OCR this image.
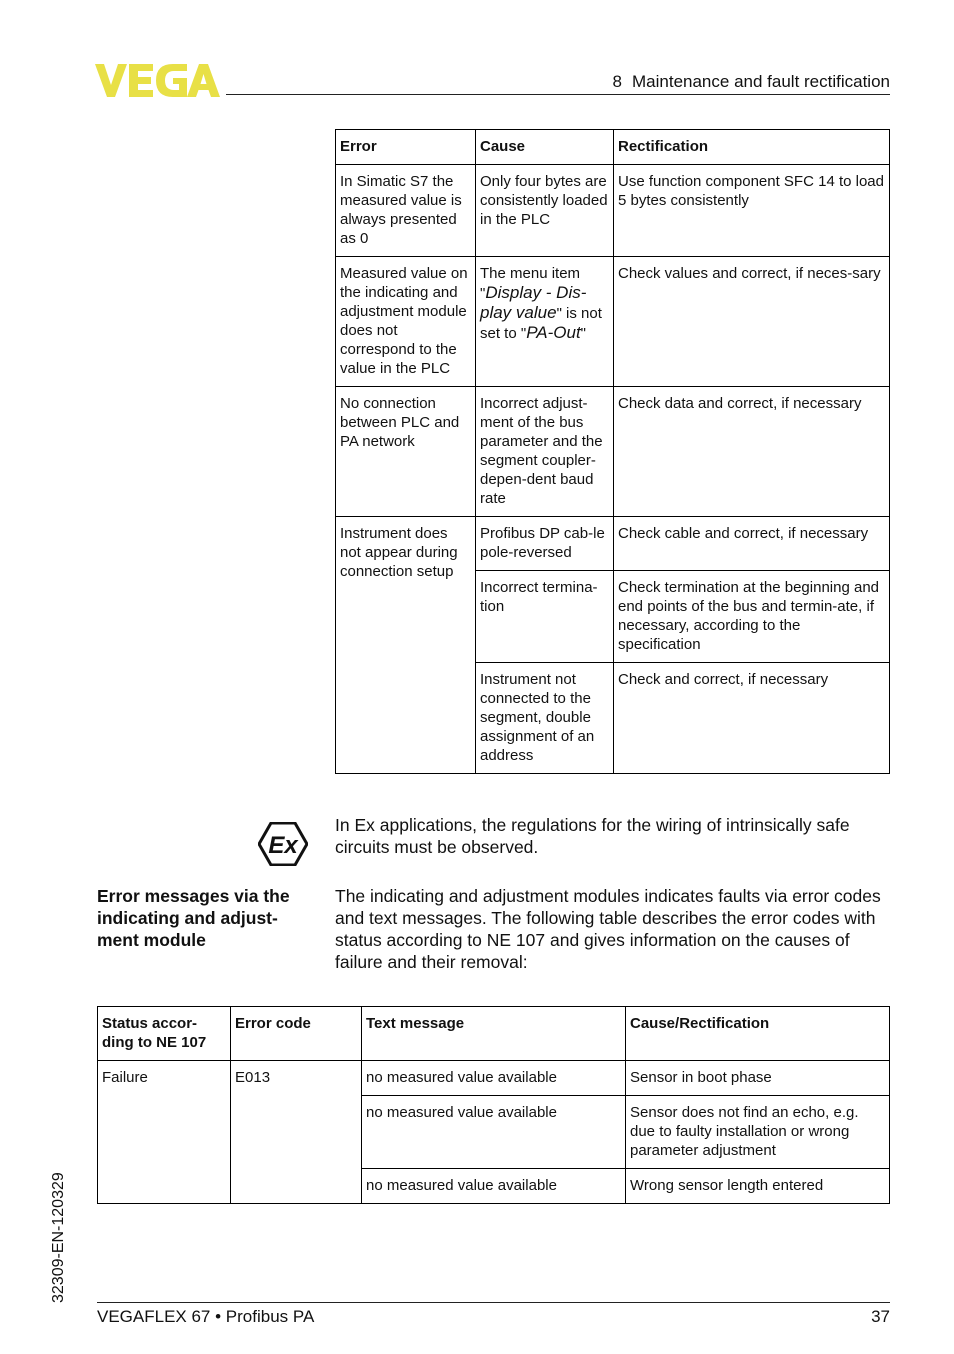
8 Maintenance and fault rectification
Error	Cause	Rectification
In Simatic S7 the measured value is always presented as 0	Only four bytes are consistently loaded in the PLC	Use function component SFC 14 to load 5 bytes consistently
Measured value on the indicating and adjustment module does not correspond to the value in the PLC	The menu item "Display - Dis-play value" is not set to "PA-Out"	Check values and correct, if neces-sary
No connection between PLC and PA network	Incorrect adjust-ment of the bus parameter and the segment coupler-depen-dent baud rate	Check data and correct, if necessary
Instrument does not appear during connection setup	Profibus DP cab-le pole-reversed	Check cable and correct, if necessary
	Incorrect termina-tion	Check termination at the beginning and end points of the bus and termin-ate, if necessary, according to the specification
	Instrument not connected to the segment, double assignment of an address	Check and correct, if necessary
Ex
In Ex applications, the regulations for the wiring of intrinsically safe circuits must be observed.
Error messages via the indicating and adjust-ment module
The indicating and adjustment modules indicates faults via error codes and text messages. The following table describes the error codes with status according to NE 107 and gives information on the causes of failure and their removal:
Status accor-ding to NE 107	Error code	Text message	Cause/Rectification
Failure	E013	no measured value available	Sensor in boot phase
		no measured value available	Sensor does not find an echo, e.g. due to faulty installation or wrong parameter adjustment
		no measured value available	Wrong sensor length entered
32309-EN-120329
VEGAFLEX 67 • Profibus PA	37
